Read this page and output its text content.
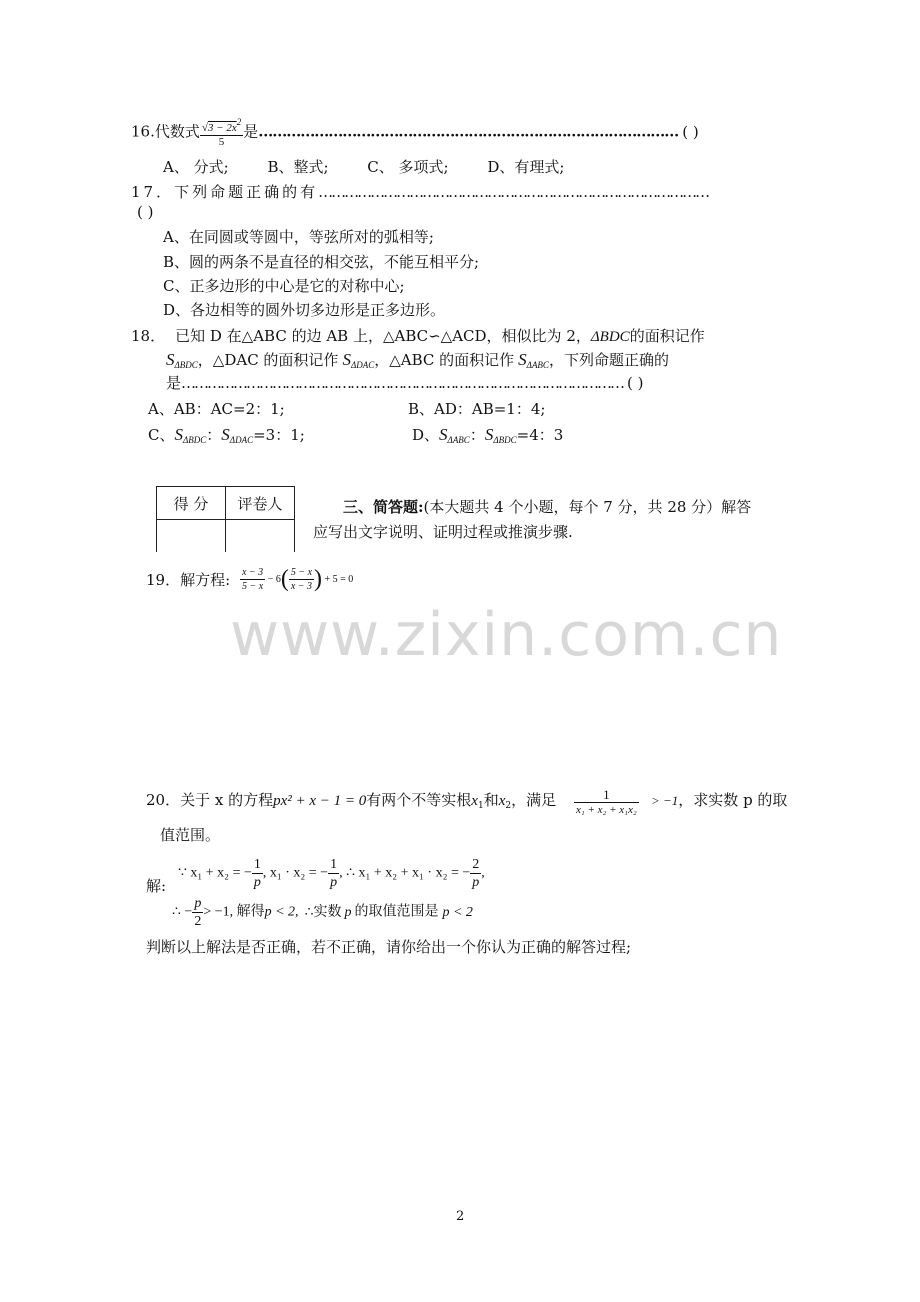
16.代数式 $\frac{√3 - 2x^2}{5}$ 是……………………………………………………………………………… ( )
A、 分式;	B、整式;	C、 多项式;	D、有理式;
17．下列命题正确的有………………………………………………………………………………
( )
A、在同圆或等圆中，等弦所对的弧相等;
B、圆的两条不是直径的相交弦，不能互相平分;
C、正多边形的中心是它的对称中心;
D、各边相等的圆外切多边形是正多边形。
18． 已知 D 在△ABC 的边 AB 上，△ABC∽△ACD，相似比为 2，ΔBDC的面积记作
$S_{\Delta BDC}$，△DAC 的面积记作 $S_{\Delta DAC}$，△ABC 的面积记作 $S_{\Delta ABC}$，下列命题正确的
是………………………………………………………………………………………… ( )
A、AB：AC=2：1;	B、AD：AB=1：4;
C、$S_{\Delta BDC}$：$S_{\Delta DAC}=3$：1;	D、$S_{\Delta ABC}$：$S_{\Delta BDC}=4$：3
得 分	评卷人
		三、简答题:(本大题共 4 个小题，每个 7 分，共 28 分）解答
应写出文字说明、证明过程或推演步骤.
19．解方程: $\frac{x - 3}{5 - x} - 6( \frac{5 - x}{x - 3}$ ) + 5 = 0
www.zixin.com.cn
20．关于 x 的方程px² + x − 1 = 0有两个不等实根$x_1$和$x_2$，满足 $\frac{1}{\text{x₁ + x₂ + x₁x₂}} > -1$，求实数 p 的取
值范围。
解:
∵ x₁ + x₂ = − $\frac{1}{p}$ , x₁ · x₂ = − $\frac{1}{p}$ , ∴ x₁ + x₂ + x₁ · x₂ = − $\frac{2}{p}$ ,
∴ − $\frac{p}{2} > -1$, 解得p < 2, ∴实数 p 的取值范围是 p < 2
判断以上解法是否正确，若不正确，请你给出一个你认为正确的解答过程;
2
